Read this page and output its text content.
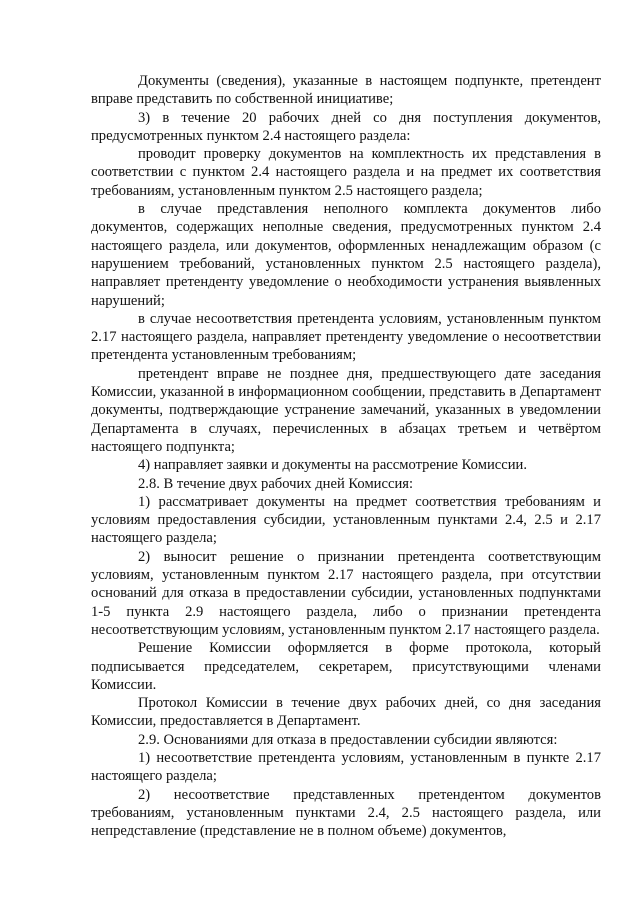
Документы (сведения), указанные в настоящем подпункте, претендент вправе представить по собственной инициативе;

3) в течение 20 рабочих дней со дня поступления документов, предусмотренных пунктом 2.4 настоящего раздела:

проводит проверку документов на комплектность их представления в соответствии с пунктом 2.4 настоящего раздела и на предмет их соответствия требованиям, установленным пунктом 2.5 настоящего раздела;

в случае представления неполного комплекта документов либо документов, содержащих неполные сведения, предусмотренных пунктом 2.4 настоящего раздела, или документов, оформленных ненадлежащим образом (с нарушением требований, установленных пунктом 2.5 настоящего раздела), направляет претенденту уведомление о необходимости устранения выявленных нарушений;

в случае несоответствия претендента условиям, установленным пунктом 2.17 настоящего раздела, направляет претенденту уведомление о несоответствии претендента установленным требованиям;

претендент вправе не позднее дня, предшествующего дате заседания Комиссии, указанной в информационном сообщении, представить в Департамент документы, подтверждающие устранение замечаний, указанных в уведомлении Департамента в случаях, перечисленных в абзацах третьем и четвёртом настоящего подпункта;

4) направляет заявки и документы на рассмотрение Комиссии.

2.8. В течение двух рабочих дней Комиссия:

1) рассматривает документы на предмет соответствия требованиям и условиям предоставления субсидии, установленным пунктами 2.4, 2.5 и 2.17 настоящего раздела;

2) выносит решение о признании претендента соответствующим условиям, установленным пунктом 2.17 настоящего раздела, при отсутствии оснований для отказа в предоставлении субсидии, установленных подпунктами 1-5 пункта 2.9 настоящего раздела, либо о признании претендента несоответствующим условиям, установленным пунктом 2.17 настоящего раздела.

Решение Комиссии оформляется в форме протокола, который подписывается председателем, секретарем, присутствующими членами Комиссии.

Протокол Комиссии в течение двух рабочих дней, со дня заседания Комиссии, предоставляется в Департамент.

2.9. Основаниями для отказа в предоставлении субсидии являются:

1) несоответствие претендента условиям, установленным в пункте 2.17 настоящего раздела;

2) несоответствие представленных претендентом документов требованиям, установленным пунктами 2.4, 2.5 настоящего раздела, или непредставление (представление не в полном объеме) документов,
